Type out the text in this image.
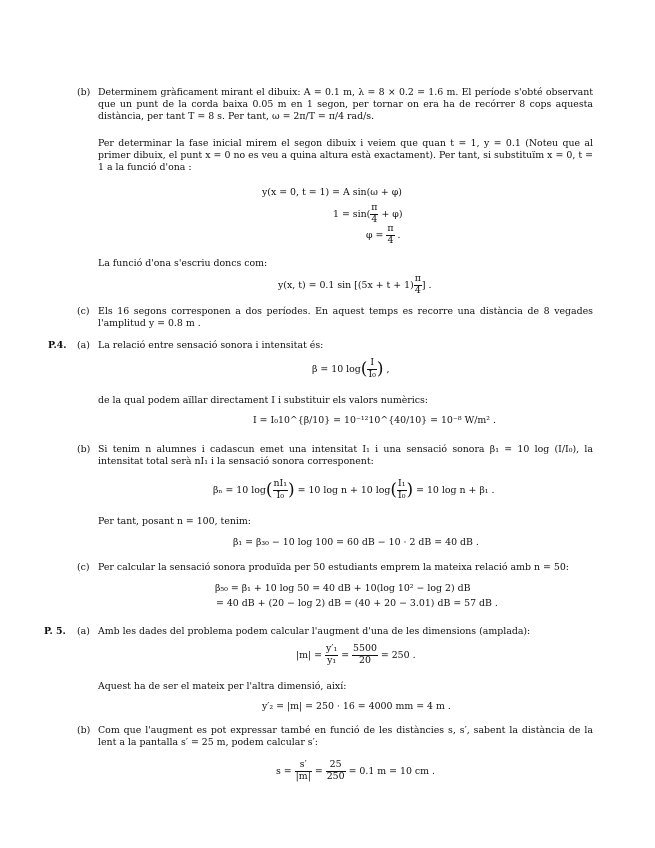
(b) Determinem gràficament mirant el dibuix: A = 0.1 m, λ = 8 × 0.2 = 1.6 m. El període s'obté observant que un punt de la corda baixa 0.05 m en 1 segon, per tornar on era ha de recórrer 8 cops aquesta distància, per tant T = 8 s. Per tant, ω = 2π/T = π/4 rad/s.
Per determinar la fase inicial mirem el segon dibuix i veiem que quan t = 1, y = 0.1 (Noteu que al primer dibuix, el punt x = 0 no es veu a quina altura està exactament). Per tant, si substituïm x = 0, t = 1 a la funció d'ona :
y(x = 0, t = 1) = A sin(ω + φ)
$1 = \sin( \frac{\pi}{4} + \varphi)$
$\varphi = \frac{\pi}{4}$ .
La funció d'ona s'escriu doncs com:
y(x, t) = 0.1 $\sin [(5x + t + 1) \frac{\pi}{4}$ ] .
(c) Els 16 segons corresponen a dos períodes. En aquest temps es recorre una distància de 8 vegades l'amplitud y = 0.8 m .
P.4. (a) La relació entre sensació sonora i intensitat és:
β = 10 $\log( \frac{I}{\text{I₀}}$ ) ,
de la qual podem aïllar directament I i substituir els valors numèrics:
I = I₀10^{β/10} = 10⁻¹²10^{40/10} = 10⁻⁸ W/m² .
(b) Si tenim n alumnes i cadascun emet una intensitat I₁ i una sensació sonora β₁ = 10 log (I/I₀), la intensitat total serà nI₁ i la sensació sonora corresponent:
βₙ = 10 $\log( \frac{\text{nI₁}}{\text{I₀}}$ ) = 10 log n + 10 $\log( \frac{\text{I₁}}{\text{I₀}}$ ) = 10 log n + β₁ .
Per tant, posant n = 100, tenim:
β₁ = β₃₀ − 10 log 100 = 60 dB − 10 · 2 dB = 40 dB .
(c) Per calcular la sensació sonora produïda per 50 estudiants emprem la mateixa relació amb n = 50:
β₅₀ = β₁ + 10 log 50 = 40 dB + 10(log 10² − log 2) dB
= 40 dB + (20 − log 2) dB = (40 + 20 − 3.01) dB = 57 dB .
P. 5. (a) Amb les dades del problema podem calcular l'augment d'una de les dimensions (amplada):
$|m| = \frac{\text{y′₁}}{\text{y₁}} = \frac{5500}{20} = 250$ .
Aquest ha de ser el mateix per l'altra dimensió, així:
y′₂ = |m| = 250 · 16 = 4000 mm = 4 m .
(b) Com que l'augment es pot expressar també en funció de les distàncies s, s′, sabent la distància de la lent a la pantalla s′ = 25 m, podem calcular s′:
$s = \frac{s'}{|m|} = \frac{25}{250} = 0.1$ m = 10 cm .
